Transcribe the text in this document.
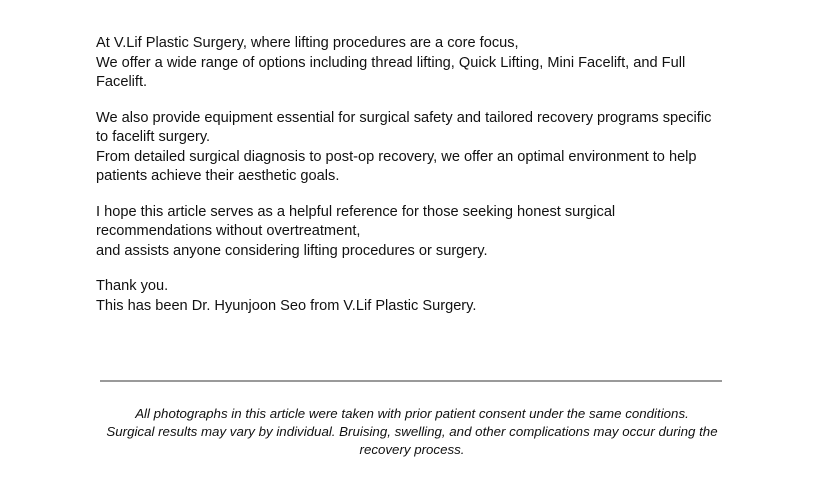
At V.Lif Plastic Surgery, where lifting procedures are a core focus,
We offer a wide range of options including thread lifting, Quick Lifting, Mini Facelift, and Full Facelift.

We also provide equipment essential for surgical safety and tailored recovery programs specific to facelift surgery.
From detailed surgical diagnosis to post-op recovery, we offer an optimal environment to help patients achieve their aesthetic goals.

I hope this article serves as a helpful reference for those seeking honest surgical recommendations without overtreatment,
and assists anyone considering lifting procedures or surgery.

Thank you.
This has been Dr. Hyunjoon Seo from V.Lif Plastic Surgery.

All photographs in this article were taken with prior patient consent under the same conditions.
Surgical results may vary by individual. Bruising, swelling, and other complications may occur during the recovery process.
